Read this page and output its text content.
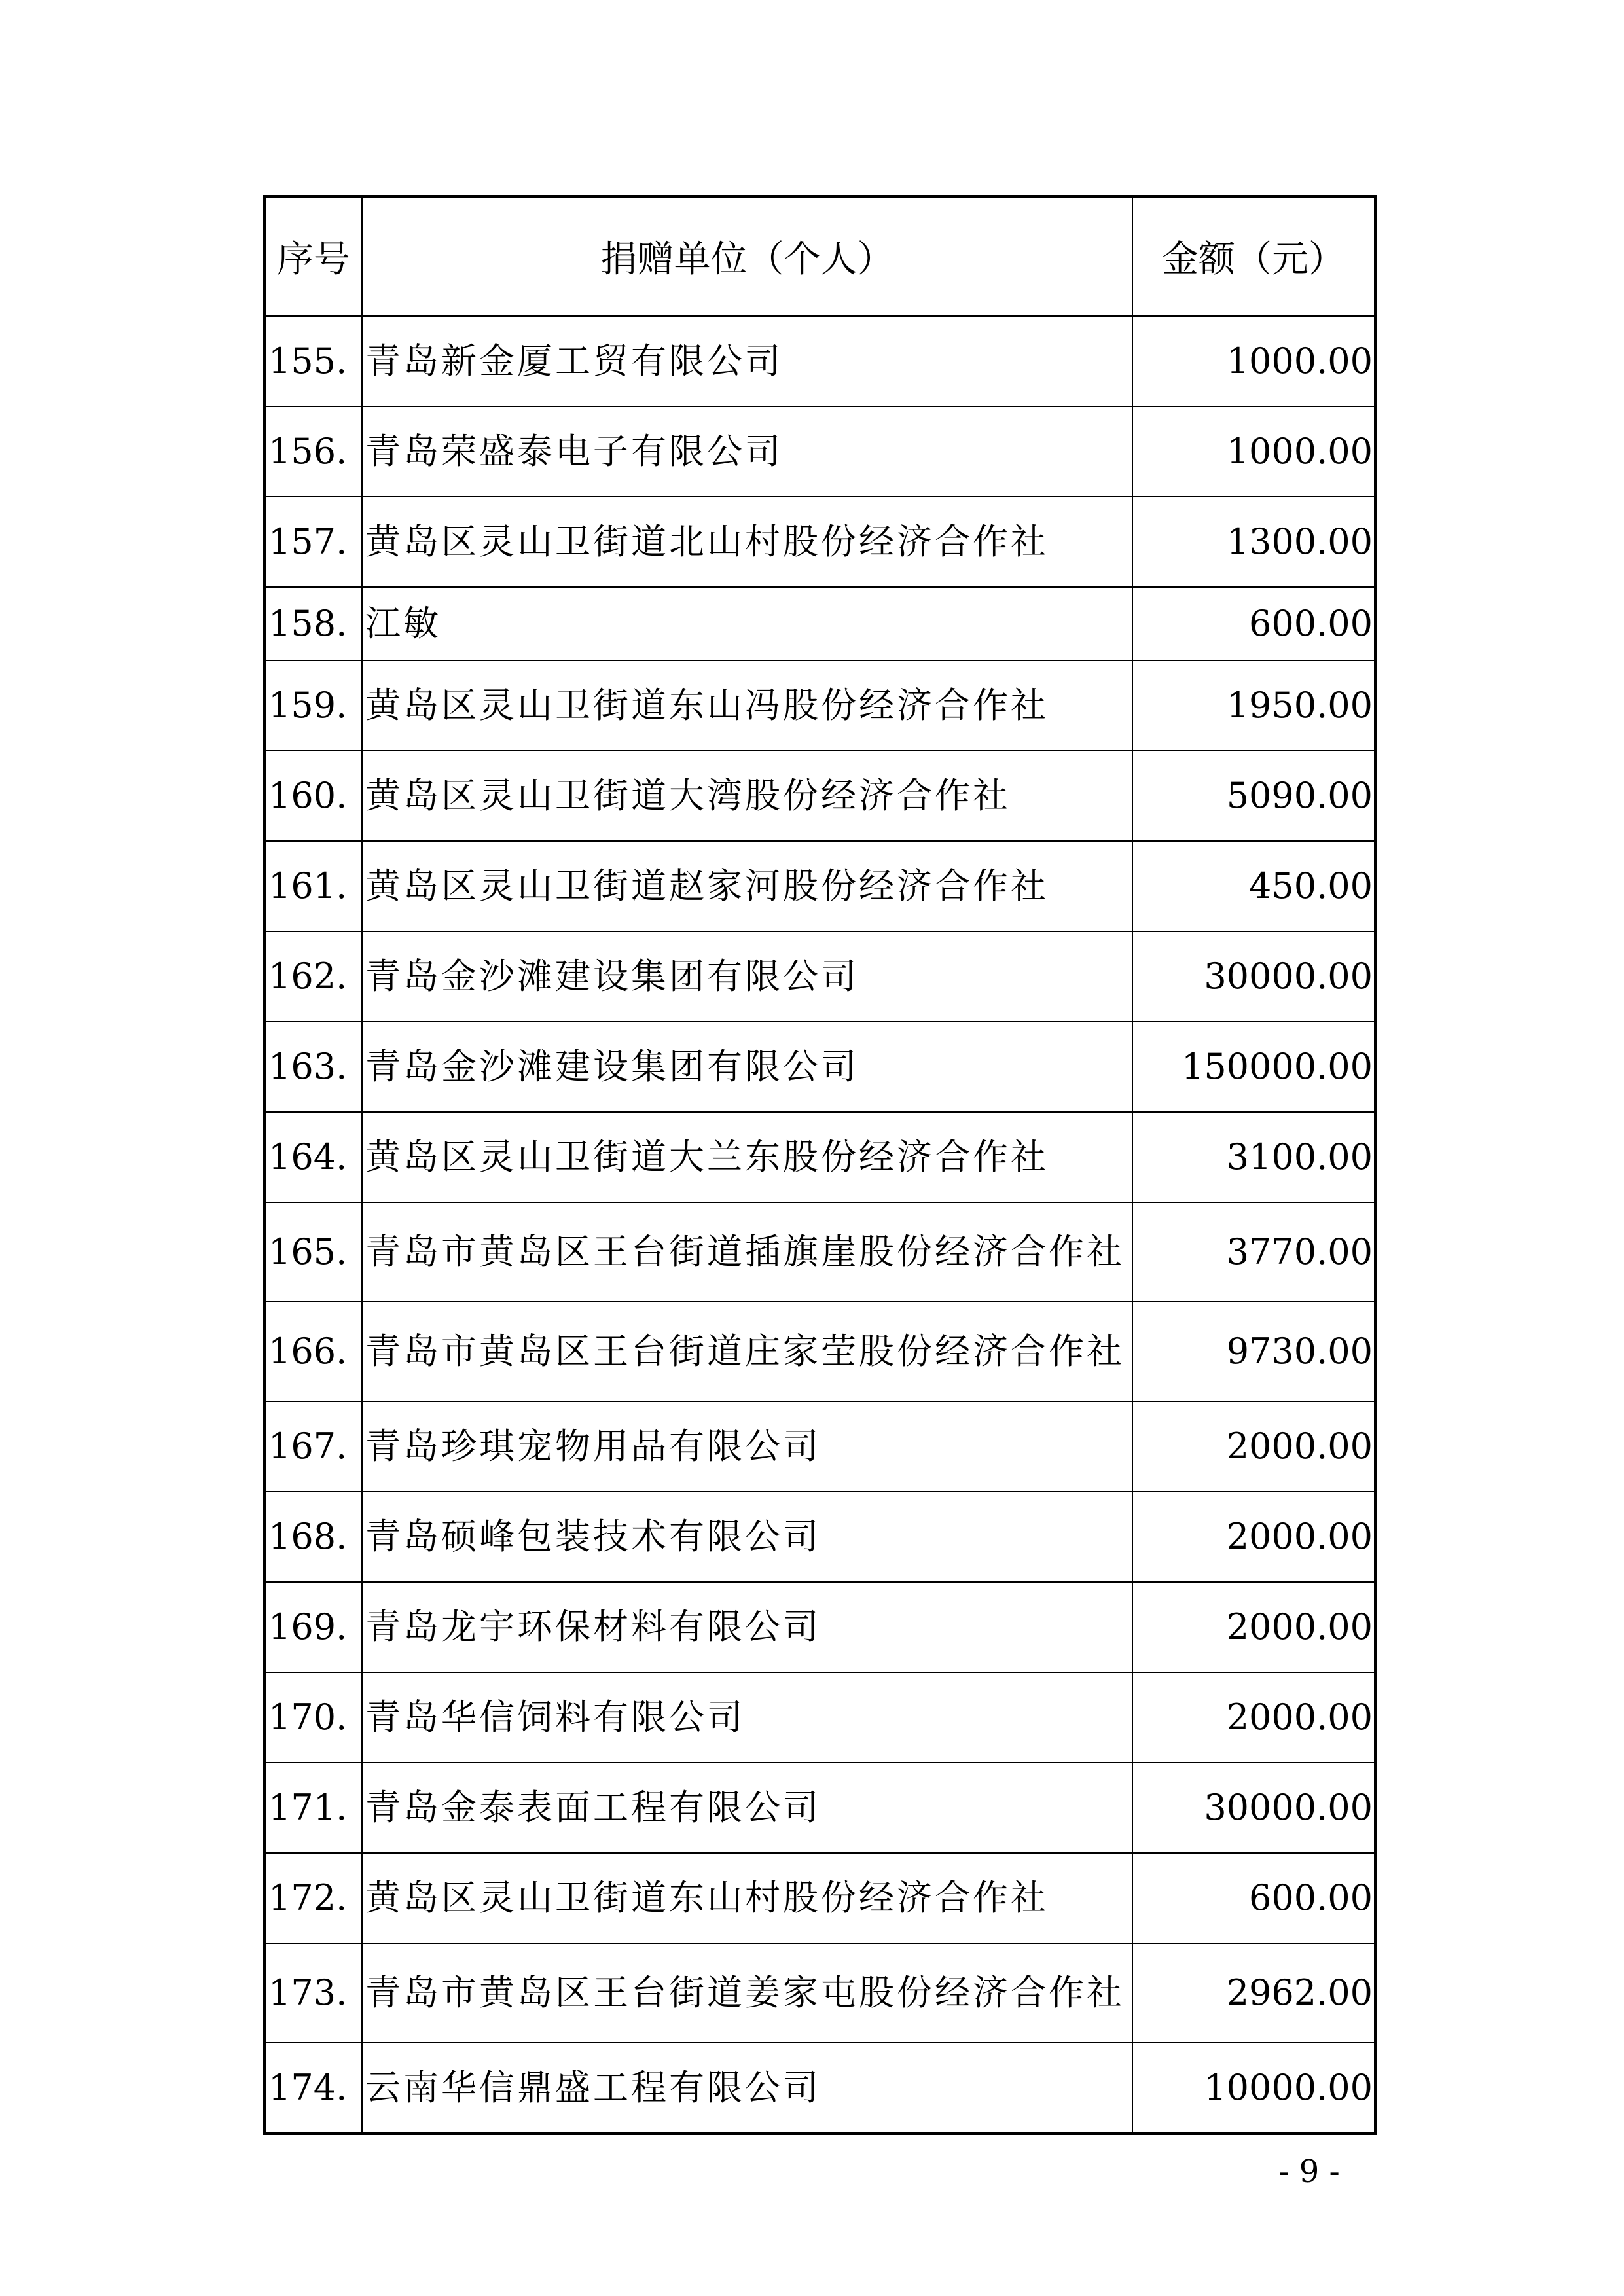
序号	捐赠单位（个人）	金额（元）
155.	青岛新金厦工贸有限公司	1000.00
156.	青岛荣盛泰电子有限公司	1000.00
157.	黄岛区灵山卫街道北山村股份经济合作社	1300.00
158.	江敏	600.00
159.	黄岛区灵山卫街道东山冯股份经济合作社	1950.00
160.	黄岛区灵山卫街道大湾股份经济合作社	5090.00
161.	黄岛区灵山卫街道赵家河股份经济合作社	450.00
162.	青岛金沙滩建设集团有限公司	30000.00
163.	青岛金沙滩建设集团有限公司	150000.00
164.	黄岛区灵山卫街道大兰东股份经济合作社	3100.00
165.	青岛市黄岛区王台街道插旗崖股份经济合作社	3770.00
166.	青岛市黄岛区王台街道庄家茔股份经济合作社	9730.00
167.	青岛珍琪宠物用品有限公司	2000.00
168.	青岛硕峰包装技术有限公司	2000.00
169.	青岛龙宇环保材料有限公司	2000.00
170.	青岛华信饲料有限公司	2000.00
171.	青岛金泰表面工程有限公司	30000.00
172.	黄岛区灵山卫街道东山村股份经济合作社	600.00
173.	青岛市黄岛区王台街道姜家屯股份经济合作社	2962.00
174.	云南华信鼎盛工程有限公司	10000.00
- 9 -
